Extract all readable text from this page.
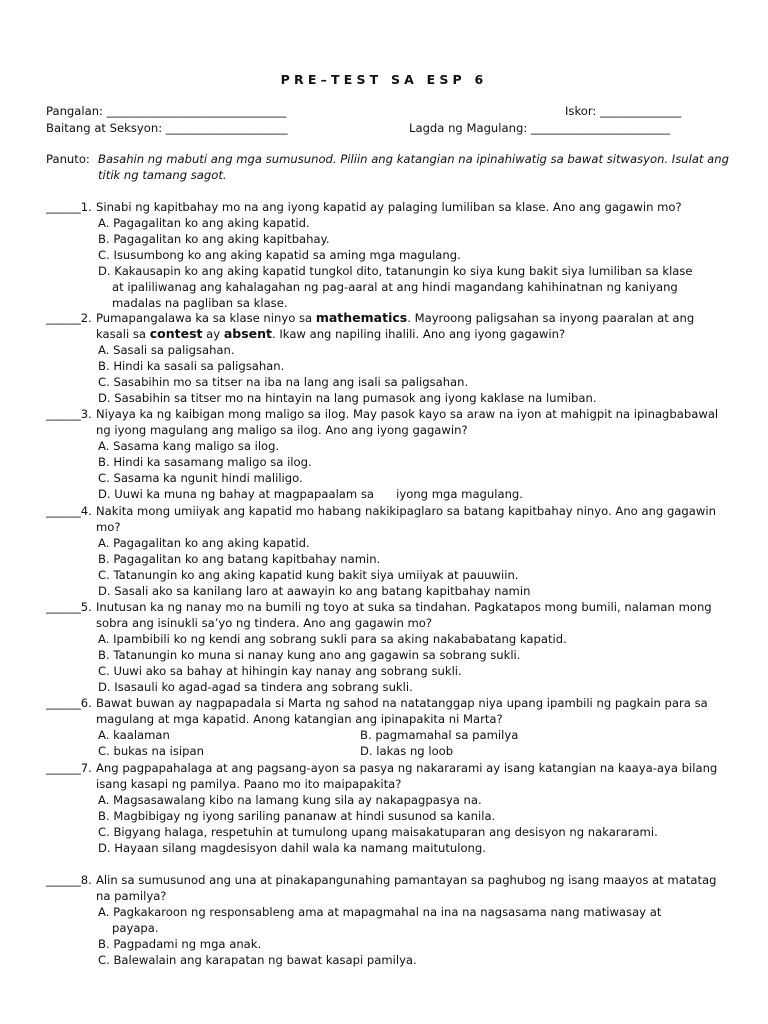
PRE–TEST SA ESP 6
Pangalan: _______________________________	Iskor: ______________
Baitang at Seksyon: _____________________	Lagda ng Magulang: ________________________
Panuto: Basahin ng mabuti ang mga sumusunod. Piliin ang katangian na ipinahiwatig sa bawat sitwasyon. Isulat ang titik ng tamang sagot.
______1. Sinabi ng kapitbahay mo na ang iyong kapatid ay palaging lumiliban sa klase. Ano ang gagawin mo?
A. Pagagalitan ko ang aking kapatid.
B. Pagagalitan ko ang aking kapitbahay.
C. Isusumbong ko ang aking kapatid sa aming mga magulang.
D. Kakausapin ko ang aking kapatid tungkol dito, tatanungin ko siya kung bakit siya lumiliban sa klase
at ipaliliwanag ang kahalagahan ng pag-aaral at ang hindi magandang kahihinatnan ng kaniyang
madalas na pagliban sa klase.
______2. Pumapangalawa ka sa klase ninyo sa mathematics. Mayroong paligsahan sa inyong paaralan at ang kasali sa contest ay absent. Ikaw ang napiling ihalili. Ano ang iyong gagawin?
A. Sasali sa paligsahan.
B. Hindi ka sasali sa paligsahan.
C. Sasabihin mo sa titser na iba na lang ang isali sa paligsahan.
D. Sasabihin sa titser mo na hintayin na lang pumasok ang iyong kaklase na lumiban.
______3. Niyaya ka ng kaibigan mong maligo sa ilog. May pasok kayo sa araw na iyon at mahigpit na ipinagbabawal ng iyong magulang ang maligo sa ilog. Ano ang iyong gagawin?
A. Sasama kang maligo sa ilog.
B. Hindi ka sasamang maligo sa ilog.
C. Sasama ka ngunit hindi maliligo.
D. Uuwi ka muna ng bahay at magpapaalam sa      iyong mga magulang.
______4. Nakita mong umiiyak ang kapatid mo habang nakikipaglaro sa batang kapitbahay ninyo. Ano ang gagawin mo?
A. Pagagalitan ko ang aking kapatid.
B. Pagagalitan ko ang batang kapitbahay namin.
C. Tatanungin ko ang aking kapatid kung bakit siya umiiyak at pauuwiin.
D. Sasali ako sa kanilang laro at aawayin ko ang batang kapitbahay namin
______5. Inutusan ka ng nanay mo na bumili ng toyo at suka sa tindahan. Pagkatapos mong bumili, nalaman mong sobra ang isinukli sa’yo ng tindera. Ano ang gagawin mo?
A. Ipambibili ko ng kendi ang sobrang sukli para sa aking nakababatang kapatid.
B. Tatanungin ko muna si nanay kung ano ang gagawin sa sobrang sukli.
C. Uuwi ako sa bahay at hihingin kay nanay ang sobrang sukli.
D. Isasauli ko agad-agad sa tindera ang sobrang sukli.
______6. Bawat buwan ay nagpapadala si Marta ng sahod na natatanggap niya upang ipambili ng pagkain para sa magulang at mga kapatid. Anong katangian ang ipinapakita ni Marta?
A. kaalaman	B. pagmamahal sa pamilya
C. bukas na isipan	D. lakas ng loob
______7. Ang pagpapahalaga at ang pagsang-ayon sa pasya ng nakararami ay isang katangian na kaaya-aya bilang isang kasapi ng pamilya. Paano mo ito maipapakita?
A. Magsasawalang kibo na lamang kung sila ay nakapagpasya na.
B. Magbibigay ng iyong sariling pananaw at hindi susunod sa kanila.
C. Bigyang halaga, respetuhin at tumulong upang maisakatuparan ang desisyon ng nakararami.
D. Hayaan silang magdesisyon dahil wala ka namang maitutulong.
______8. Alin sa sumusunod ang una at pinakapangunahing pamantayan sa paghubog ng isang maayos at matatag na pamilya?
A. Pagkakaroon ng responsableng ama at mapagmahal na ina na nagsasama nang matiwasay at
payapa.
B. Pagpadami ng mga anak.
C. Balewalain ang karapatan ng bawat kasapi pamilya.
